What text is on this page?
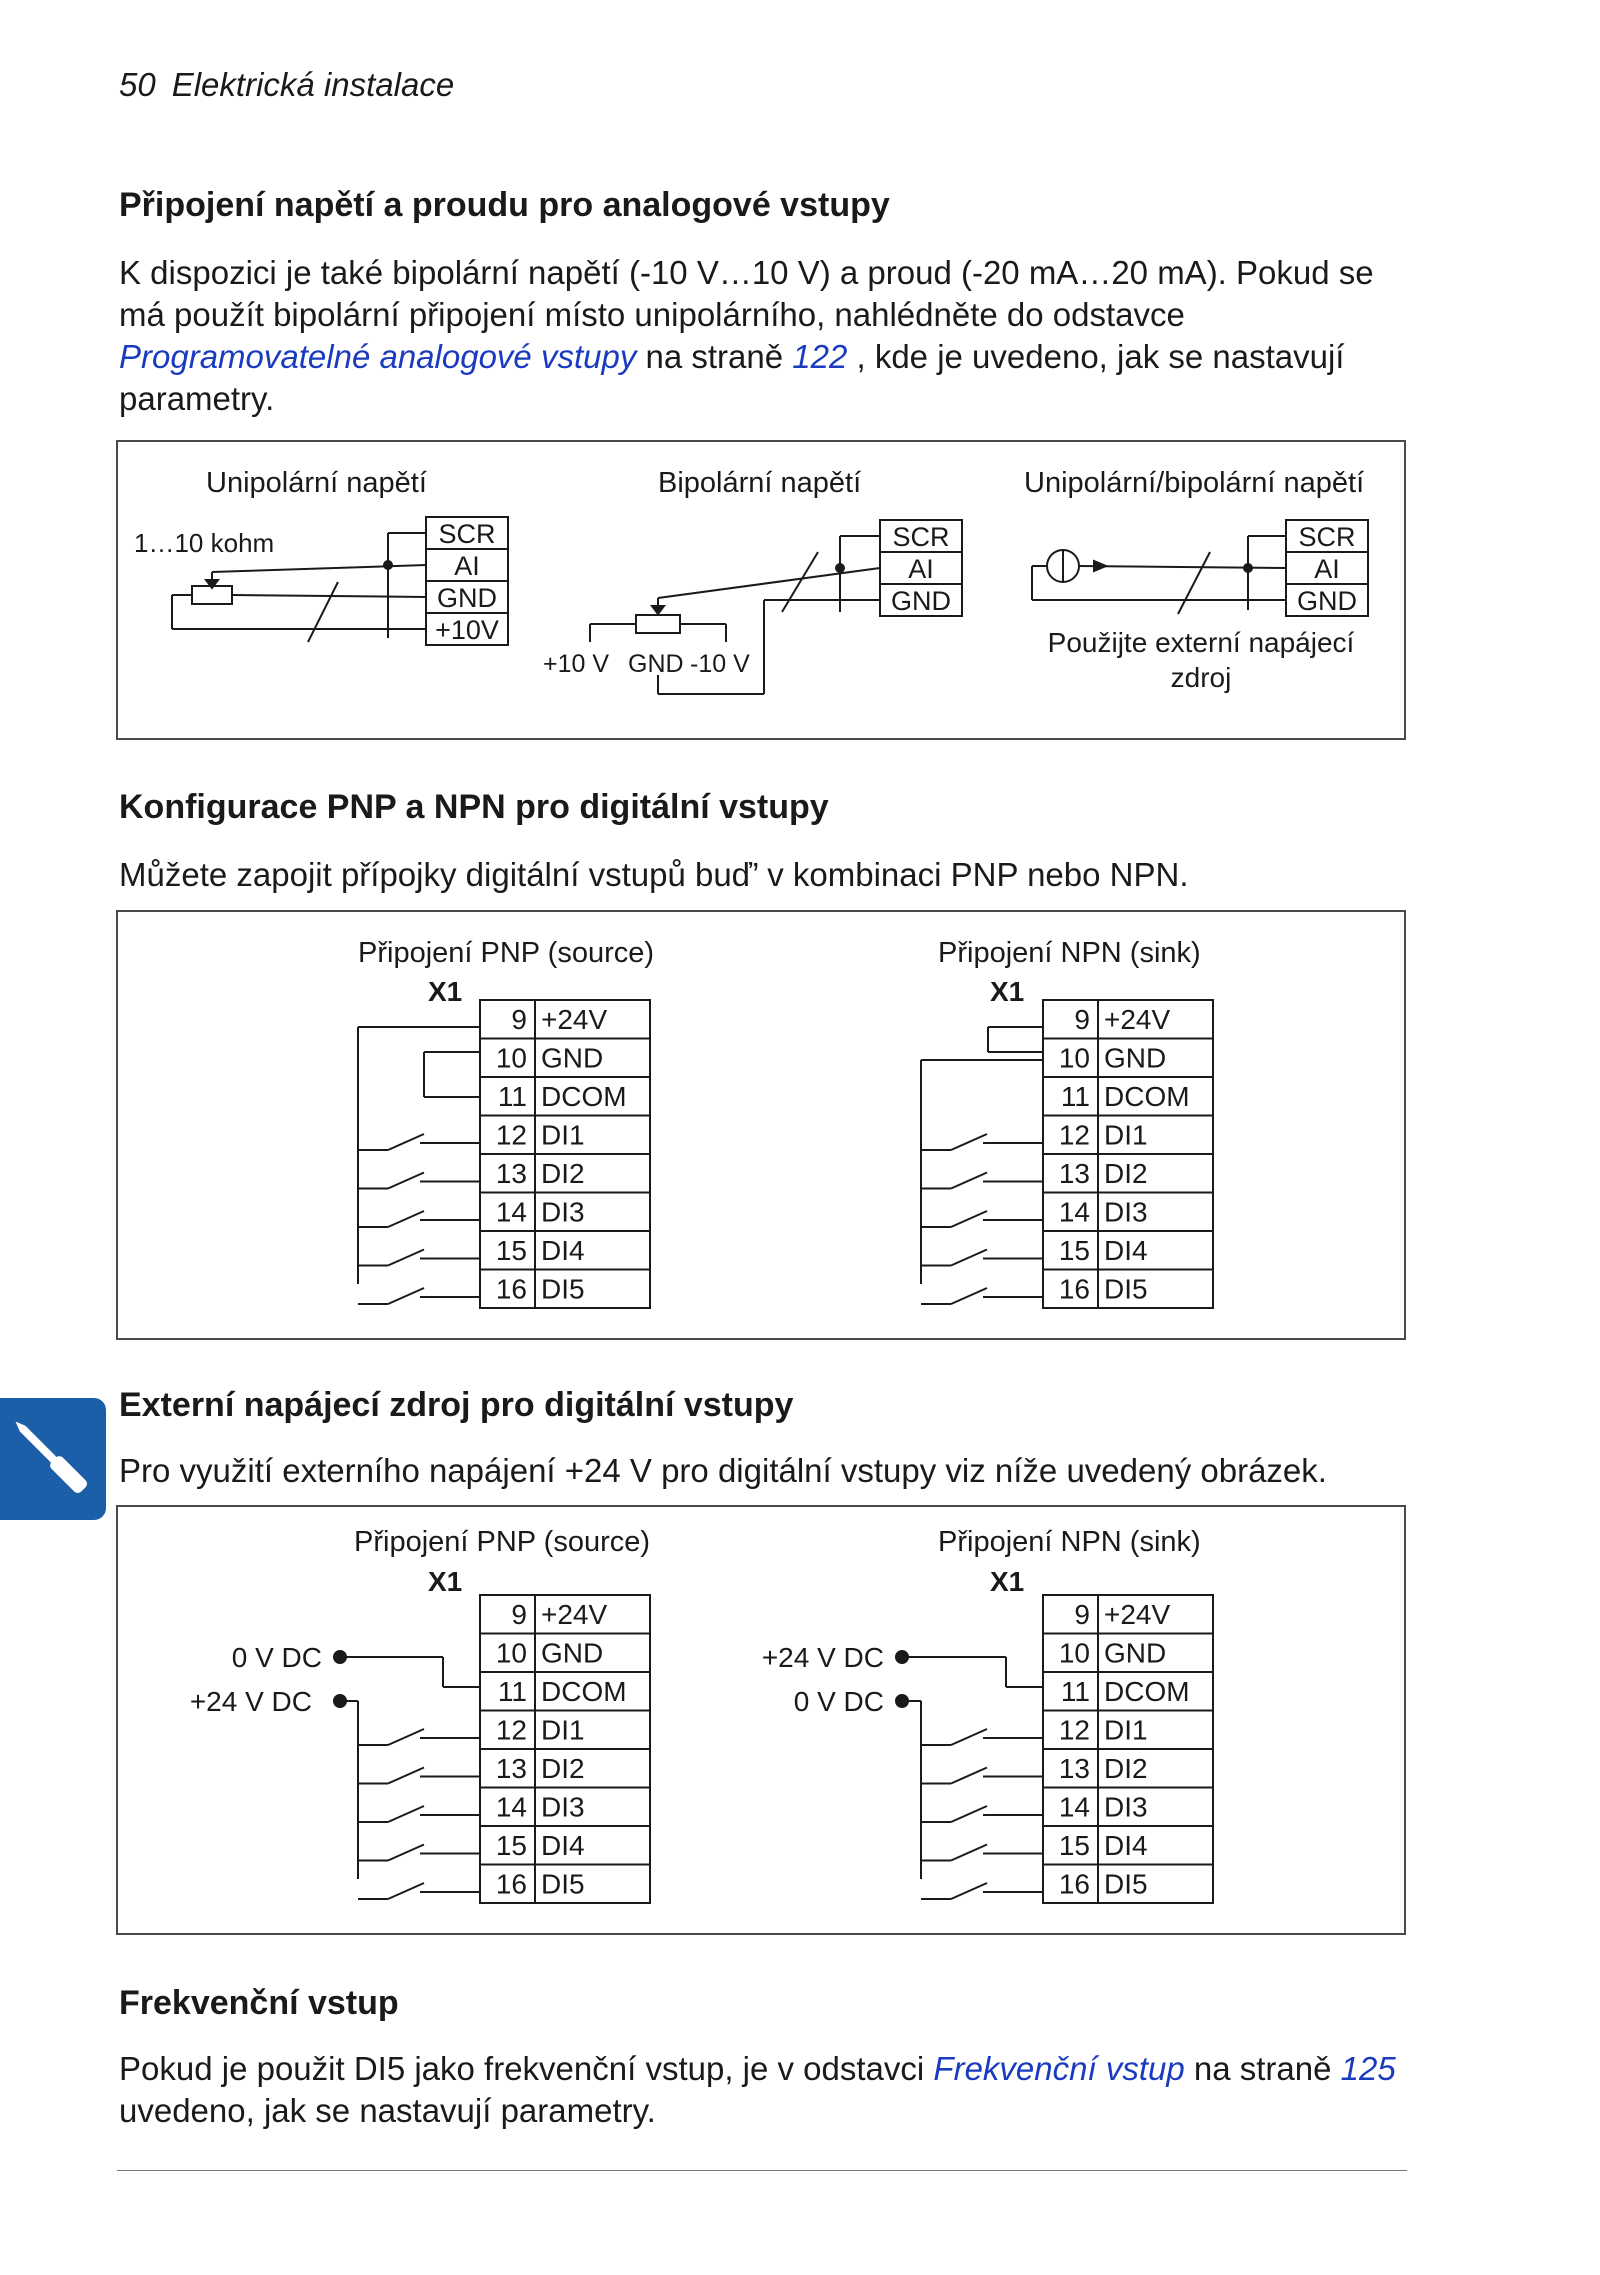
50 Elektrická instalace
Připojení napětí a proudu pro analogové vstupy
K dispozici je také bipolární napětí (-10 V…10 V) a proud (-20 mA…20 mA). Pokud se má použít bipolární připojení místo unipolárního, nahlédněte do odstavce Programovatelné analogové vstupy na straně 122 , kde je uvedeno, jak se nastavují parametry.
Unipolární napětí	Bipolární napětí	Unipolární/bipolární napětí
1…10 kohm	SCR
AI
GND
+10V
SCR
AI
GND
+10 V GND -10 V
SCR
AI
GND
Použijte externí napájecí
zdroj
Konfigurace PNP a NPN pro digitální vstupy
Můžete zapojit přípojky digitální vstupů buď’ v kombinaci PNP nebo NPN.
Připojení PNP (source)	Připojení NPN (sink)
X1	X1
9 +24V
10 GND
11 DCOM
12 DI1
13 DI2
14 DI3
15 DI4
16 DI5
9 +24V
10 GND
11 DCOM
12 DI1
13 DI2
14 DI3
15 DI4
16 DI5
Externí napájecí zdroj pro digitální vstupy
Pro využití externího napájení +24 V pro digitální vstupy viz níže uvedený obrázek.
Připojení PNP (source)	Připojení NPN (sink)
X1	X1
9 +24V
10 GND
11 DCOM
12 DI1
13 DI2
14 DI3
15 DI4
16 DI5
9 +24V
10 GND
11 DCOM
12 DI1
13 DI2
14 DI3
15 DI4
16 DI5
0 V DC
+24 V DC
+24 V DC
0 V DC
Frekvenční vstup
Pokud je použit DI5 jako frekvenční vstup, je v odstavci Frekvenční vstup na straně 125 uvedeno, jak se nastavují parametry.
